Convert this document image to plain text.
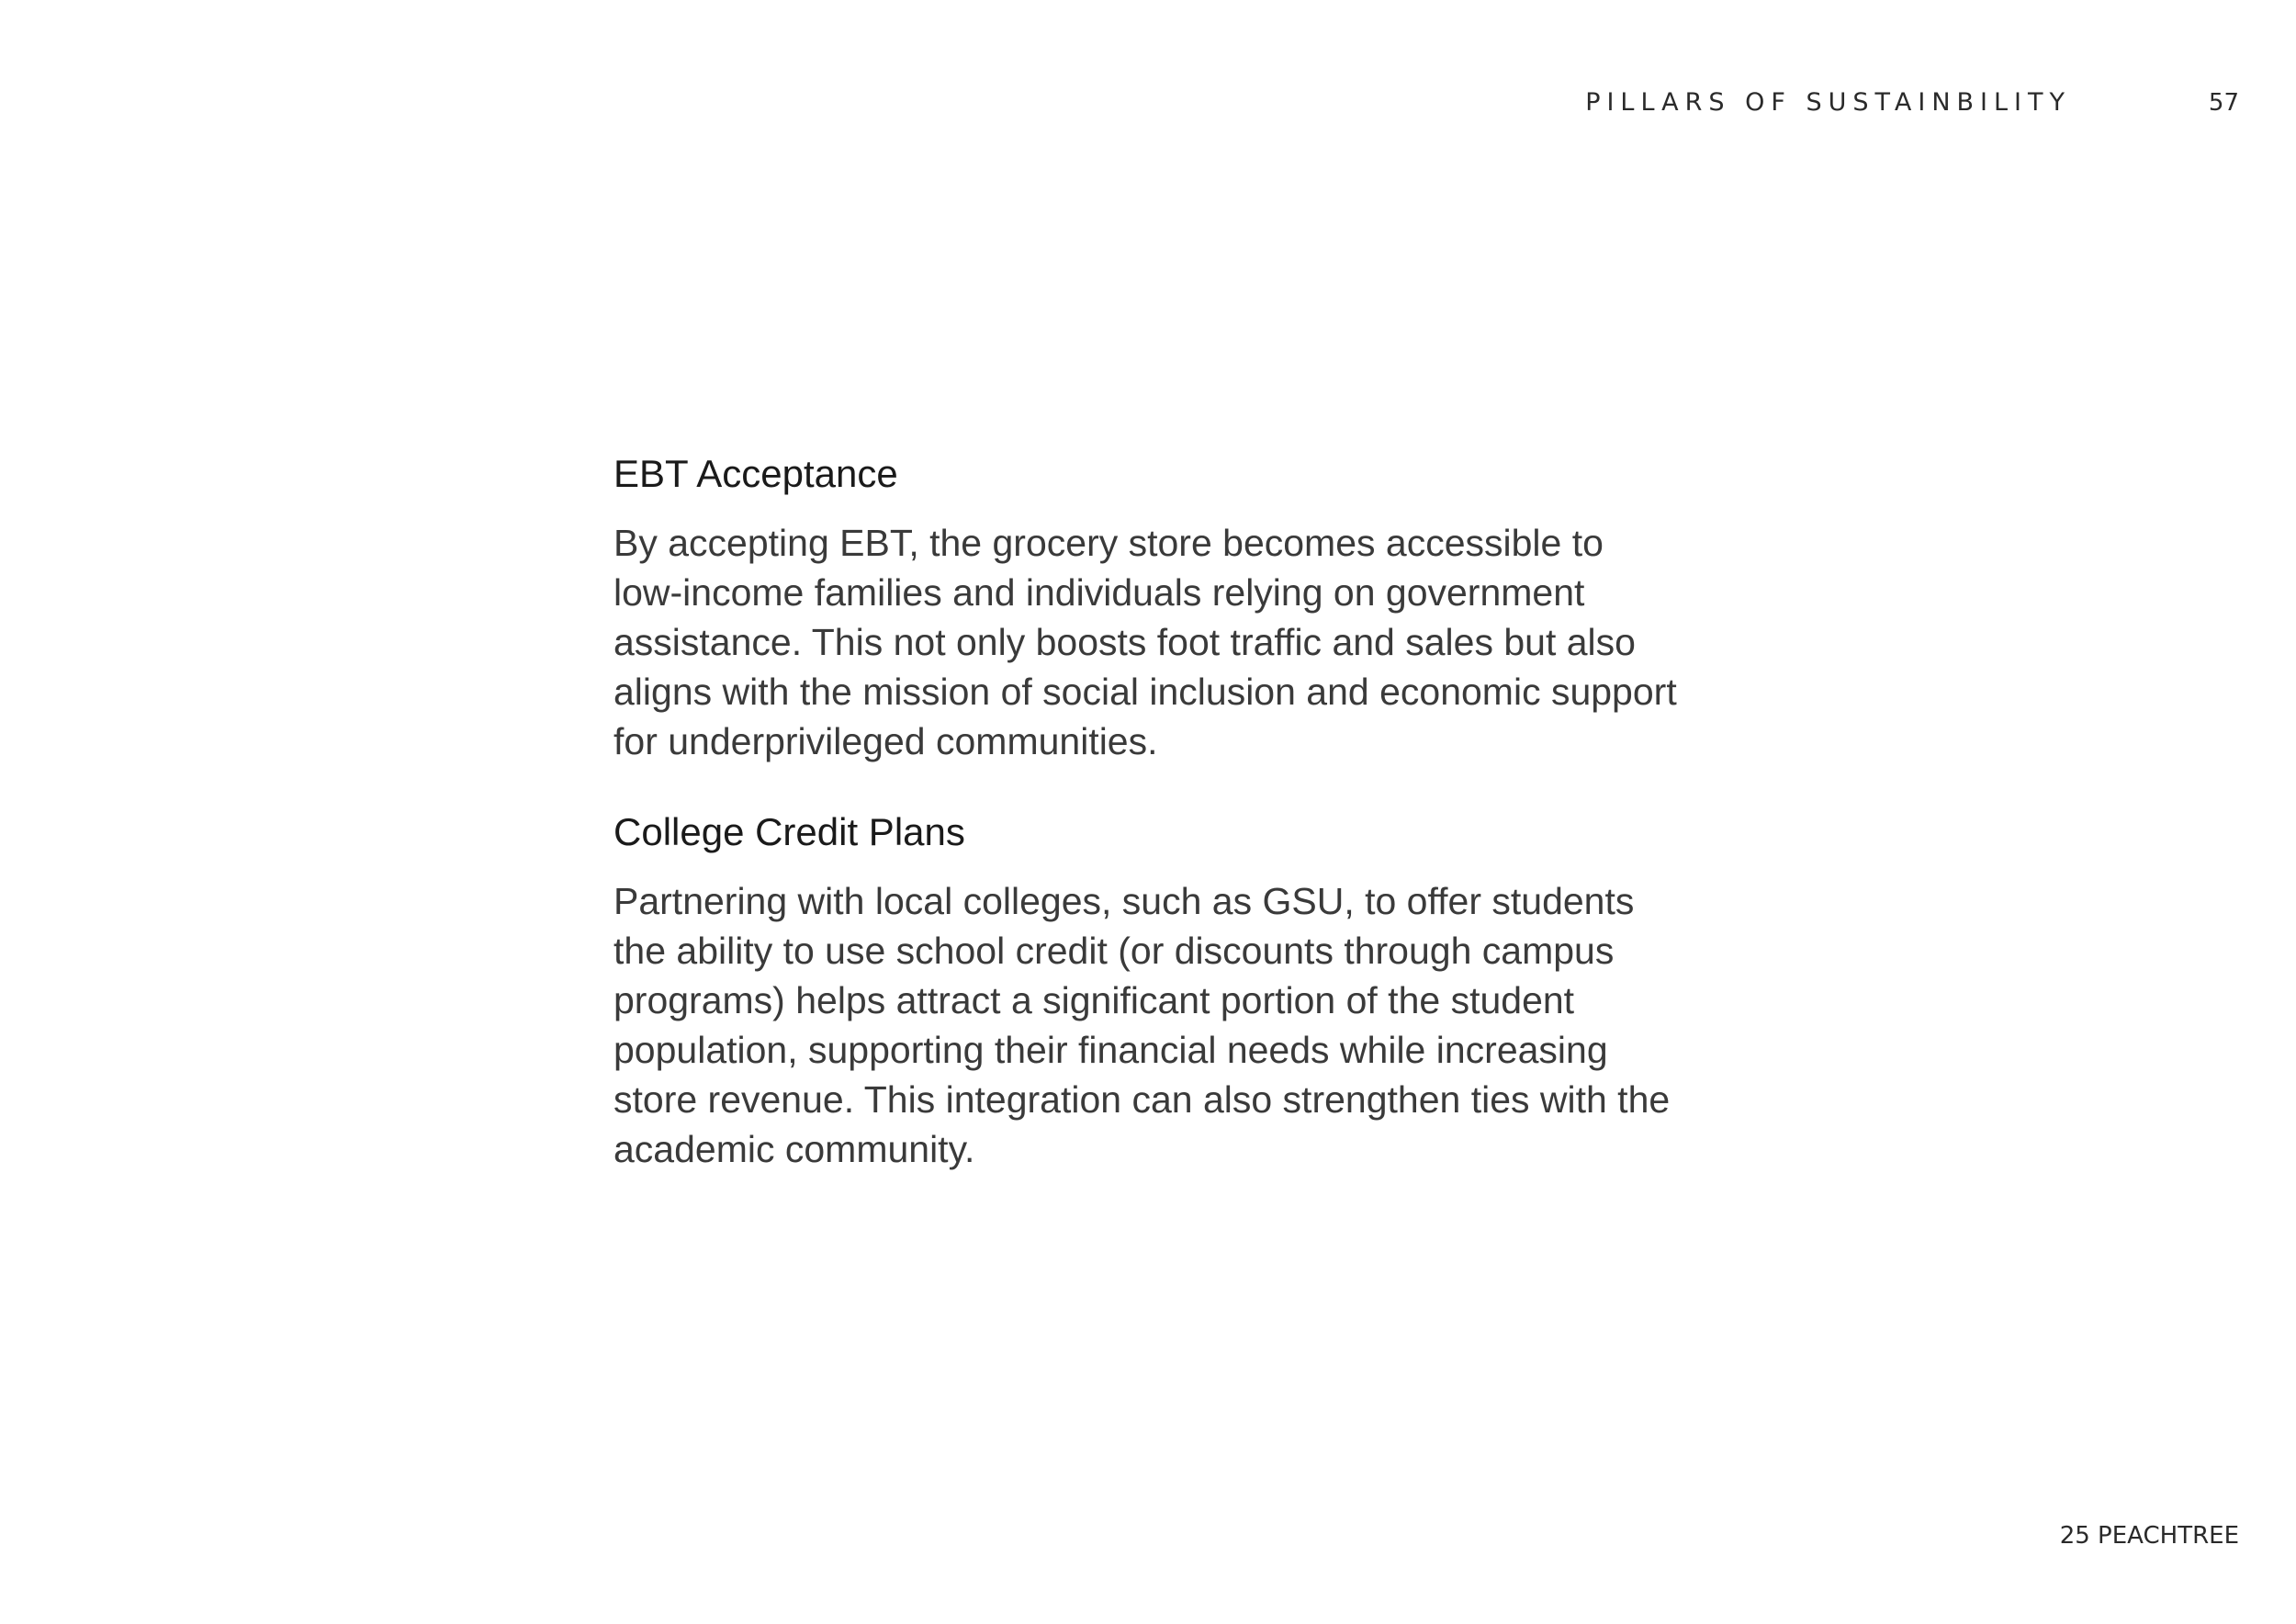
PILLARS OF SUSTAINBILITY	57
EBT Acceptance

By accepting EBT, the grocery store becomes accessible to
low-income families and individuals relying on government
assistance. This not only boosts foot traffic and sales but also
aligns with the mission of social inclusion and economic support
for underprivileged communities.

College Credit Plans

Partnering with local colleges, such as GSU, to offer students
the ability to use school credit (or discounts through campus
programs) helps attract a significant portion of the student
population, supporting their financial needs while increasing
store revenue. This integration can also strengthen ties with the
academic community.

25 PEACHTREE
